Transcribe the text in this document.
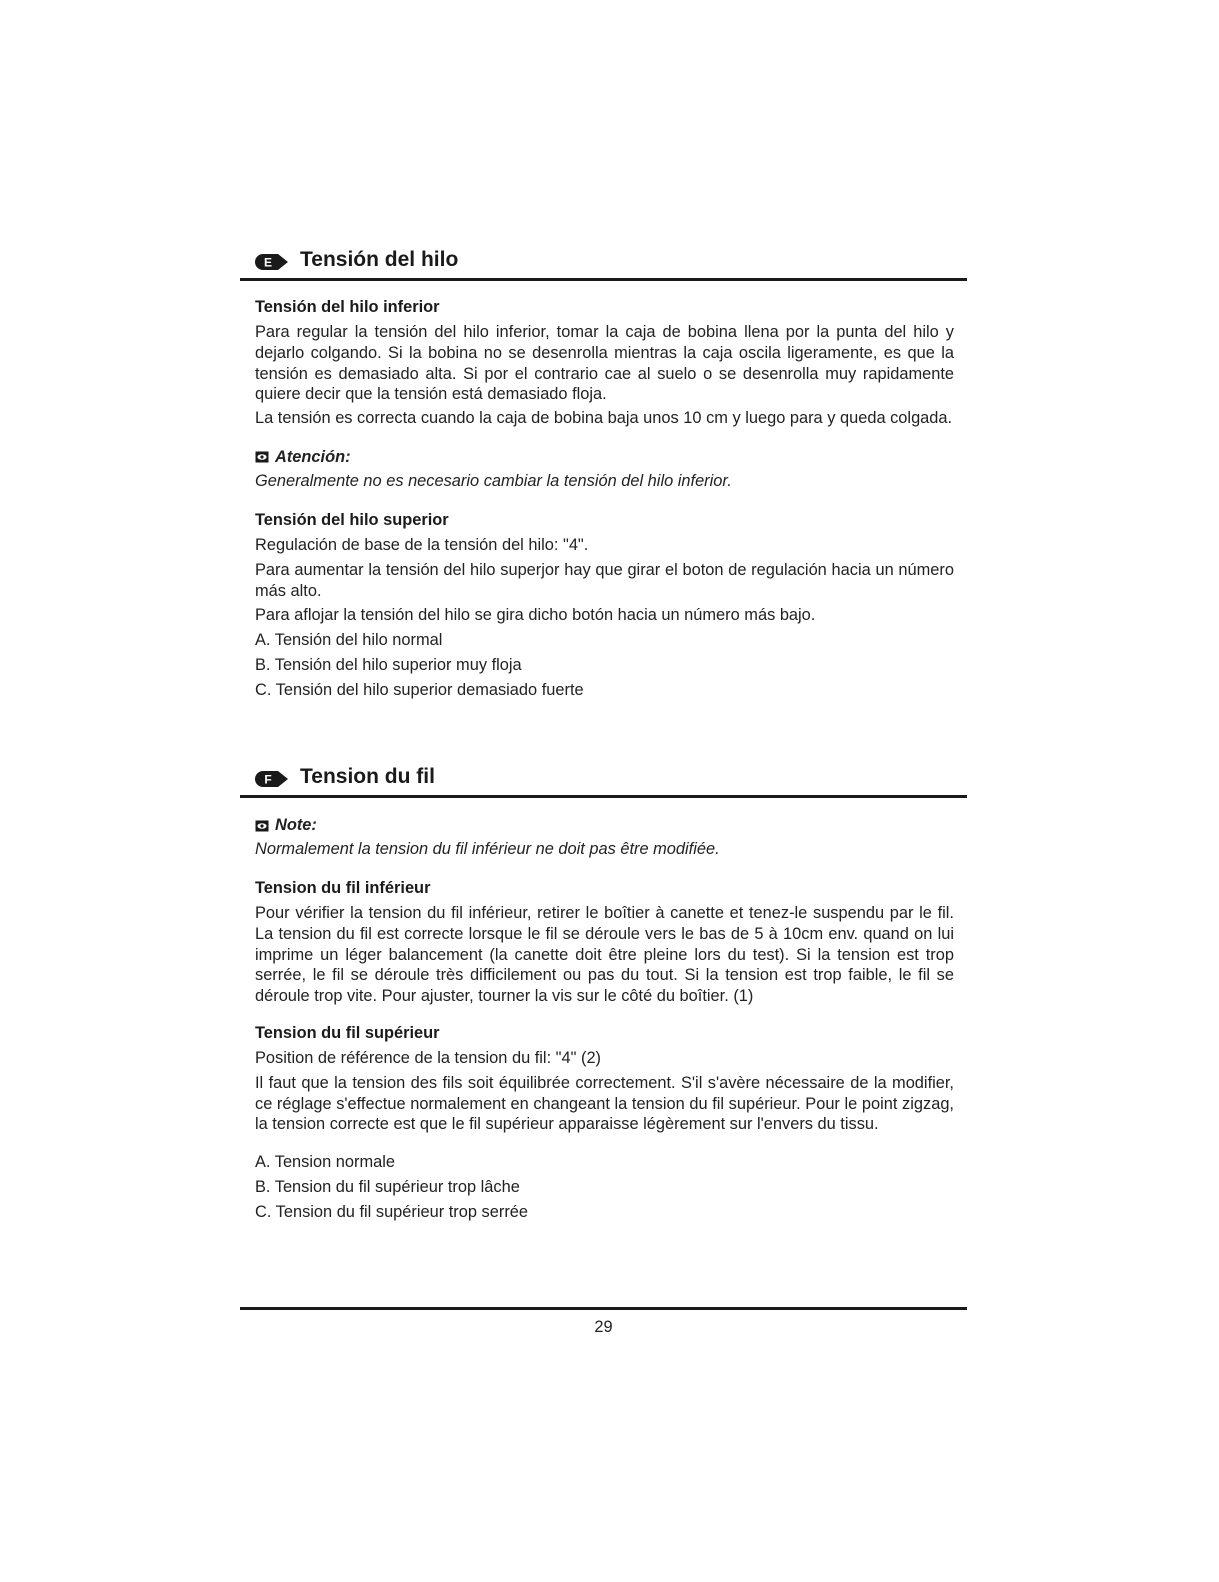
E Tensión del hilo

Tensión del hilo inferior

Para regular la tensión del hilo inferior, tomar la caja de bobina llena por la punta del hilo y dejarlo colgando. Si la bobina no se desenrolla mientras la caja oscila ligeramente, es que la tensión es demasiado alta. Si por el contrario cae al suelo o se desenrolla muy rapidamente quiere decir que la tensión está demasiado floja.

La tensión es correcta cuando la caja de bobina baja unos 10 cm y luego para y queda colgada.

Atención:

Generalmente no es necesario cambiar la tensión del hilo inferior.

Tensión del hilo superior

Regulación de base de la tensión del hilo: "4".

Para aumentar la tensión del hilo superjor hay que girar el boton de regulación hacia un número más alto.

Para aflojar la tensión del hilo se gira dicho botón hacia un número más bajo.

A. Tensión del hilo normal

B. Tensión del hilo superior muy floja

C. Tensión del hilo superior demasiado fuerte

F Tension du fil

Note:

Normalement la tension du fil inférieur ne doit pas être modifiée.

Tension du fil inférieur

Pour vérifier la tension du fil inférieur, retirer le boîtier à canette et tenez-le suspendu par le fil. La tension du fil est correcte lorsque le fil se déroule vers le bas de 5 à 10cm env. quand on lui imprime un léger balancement (la canette doit être pleine lors du test). Si la tension est trop serrée, le fil se déroule très difficilement ou pas du tout. Si la tension est trop faible, le fil se déroule trop vite. Pour ajuster, tourner la vis sur le côté du boîtier. (1)

Tension du fil supérieur

Position de référence de la tension du fil: "4" (2)

Il faut que la tension des fils soit équilibrée correctement. S'il s'avère nécessaire de la modifier, ce réglage s'effectue normalement en changeant la tension du fil supérieur. Pour le point zigzag, la tension correcte est que le fil supérieur apparaisse légèrement sur l'envers du tissu.

A. Tension normale

B. Tension du fil supérieur trop lâche

C. Tension du fil supérieur trop serrée

29
